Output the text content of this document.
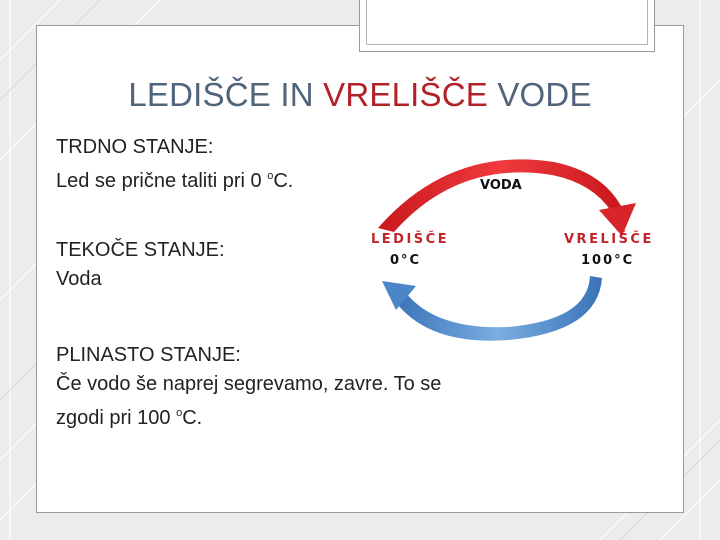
LEDIŠČE IN VRELIŠČE VODE
TRDNO STANJE:
Led se prične taliti pri 0 $^o$C.
TEKOČE STANJE:
Voda
PLINASTO STANJE:
Če vodo še naprej segrevamo, zavre. To se
zgodi pri 100 $^o$C.
VODA
LEDIŠČE
0°C
VRELIŠČE
100°C
